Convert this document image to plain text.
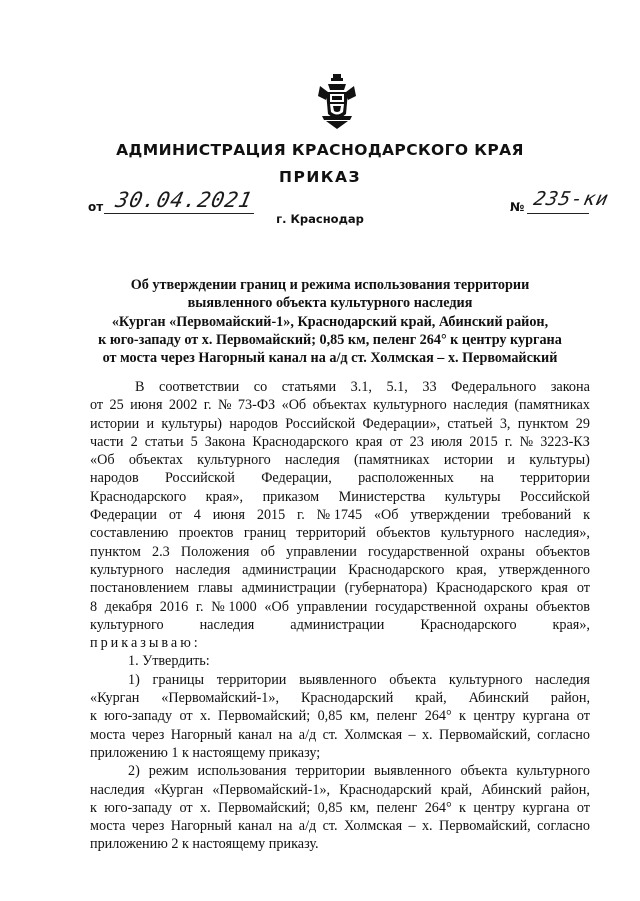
АДМИНИСТРАЦИЯ КРАСНОДАРСКОГО КРАЯ
ПРИКАЗ
от 30.04.2021	№ 235-ки
г. Краснодар
Об утверждении границ и режима использования территории
выявленного объекта культурного наследия
«Курган «Первомайский-1», Краснодарский край, Абинский район,
к юго-западу от х. Первомайский; 0,85 км, пеленг 264° к центру кургана
от моста через Нагорный канал на а/д ст. Холмская – х. Первомайский
В соответствии со статьями 3.1, 5.1, 33 Федерального закона
от 25 июня 2002 г. № 73-ФЗ «Об объектах культурного наследия (памятниках
истории и культуры) народов Российской Федерации», статьей 3, пунктом 29
части 2 статьи 5 Закона Краснодарского края от 23 июля 2015 г. № 3223-КЗ
«Об объектах культурного наследия (памятниках истории и культуры)
народов Российской Федерации, расположенных на территории
Краснодарского края», приказом Министерства культуры Российской
Федерации от 4 июня 2015 г. № 1745 «Об утверждении требований к
составлению проектов границ территорий объектов культурного наследия»,
пунктом 2.3 Положения об управлении государственной охраны объектов
культурного наследия администрации Краснодарского края, утвержденного
постановлением главы администрации (губернатора) Краснодарского края от
8 декабря 2016 г. № 1000 «Об управлении государственной охраны объектов
культурного	наследия	администрации	Краснодарского	края»,
приказываю:
1. Утвердить:
1) границы территории выявленного объекта культурного наследия
«Курган «Первомайский-1», Краснодарский край, Абинский район,
к юго-западу от х. Первомайский; 0,85 км, пеленг 264° к центру кургана от
моста через Нагорный канал на а/д ст. Холмская – х. Первомайский, согласно
приложению 1 к настоящему приказу;
2) режим использования территории выявленного объекта культурного
наследия «Курган «Первомайский-1», Краснодарский край, Абинский район,
к юго-западу от х. Первомайский; 0,85 км, пеленг 264° к центру кургана от
моста через Нагорный канал на а/д ст. Холмская – х. Первомайский, согласно
приложению 2 к настоящему приказу.
